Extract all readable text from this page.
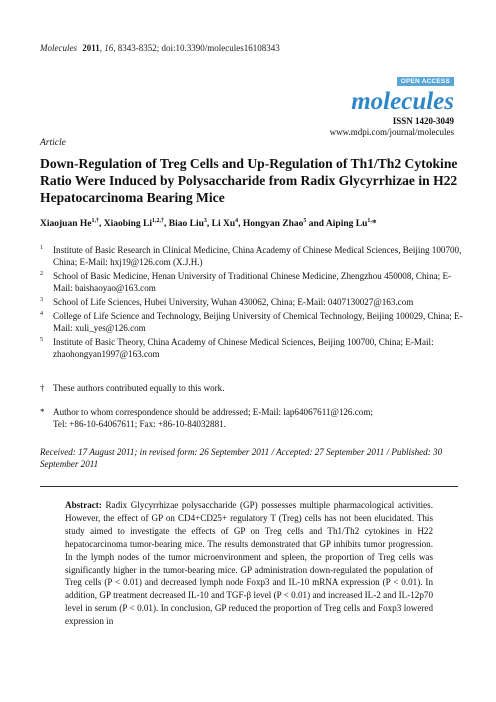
Molecules 2011, 16, 8343-8352; doi:10.3390/molecules16108343
OPEN ACCESS
molecules
ISSN 1420-3049
www.mdpi.com/journal/molecules
Article
Down-Regulation of Treg Cells and Up-Regulation of Th1/Th2 Cytokine Ratio Were Induced by Polysaccharide from Radix Glycyrrhizae in H22 Hepatocarcinoma Bearing Mice
Xiaojuan $He^{1,\dagger}$, Xiaobing $Li^{1,2,\dagger}$, Biao Liu$^3$, Li Xu$^4$, Hongyan Zhao$^5$ and Aiping $Lu^{1,}*$
1 Institute of Basic Research in Clinical Medicine, China Academy of Chinese Medical Sciences, Beijing 100700, China; E-Mail: hxj19@126.com (X.J.H.)
2 School of Basic Medicine, Henan University of Traditional Chinese Medicine, Zhengzhou 450008, China; E-Mail: baishaoyao@163.com
3 School of Life Sciences, Hubei University, Wuhan 430062, China; E-Mail: 0407130027@163.com
4 College of Life Science and Technology, Beijing University of Chemical Technology, Beijing 100029, China; E-Mail: xuli_yes@126.com
5 Institute of Basic Theory, China Academy of Chinese Medical Sciences, Beijing 100700, China; E-Mail: zhaohongyan1997@163.com
† These authors contributed equally to this work.
* Author to whom correspondence should be addressed; E-Mail: lap64067611@126.com;
Tel: +86-10-64067611; Fax: +86-10-84032881.
Received: 17 August 2011; in revised form: 26 September 2011 / Accepted: 27 September 2011 / Published: 30 September 2011
Abstract: Radix Glycyrrhizae polysaccharide (GP) possesses multiple pharmacological activities. However, the effect of GP on CD4+CD25+ regulatory T (Treg) cells has not been elucidated. This study aimed to investigate the effects of GP on Treg cells and Th1/Th2 cytokines in H22 hepatocarcinoma tumor-bearing mice. The results demonstrated that GP inhibits tumor progression. In the lymph nodes of the tumor microenvironment and spleen, the proportion of Treg cells was significantly higher in the tumor-bearing mice. GP administration down-regulated the population of Treg cells (P < 0.01) and decreased lymph node Foxp3 and IL-10 mRNA expression (P < 0.01). In addition, GP treatment decreased IL-10 and TGF-β level (P < 0.01) and increased IL-2 and IL-12p70 level in serum (P < 0.01). In conclusion, GP reduced the proportion of Treg cells and Foxp3 lowered expression in
